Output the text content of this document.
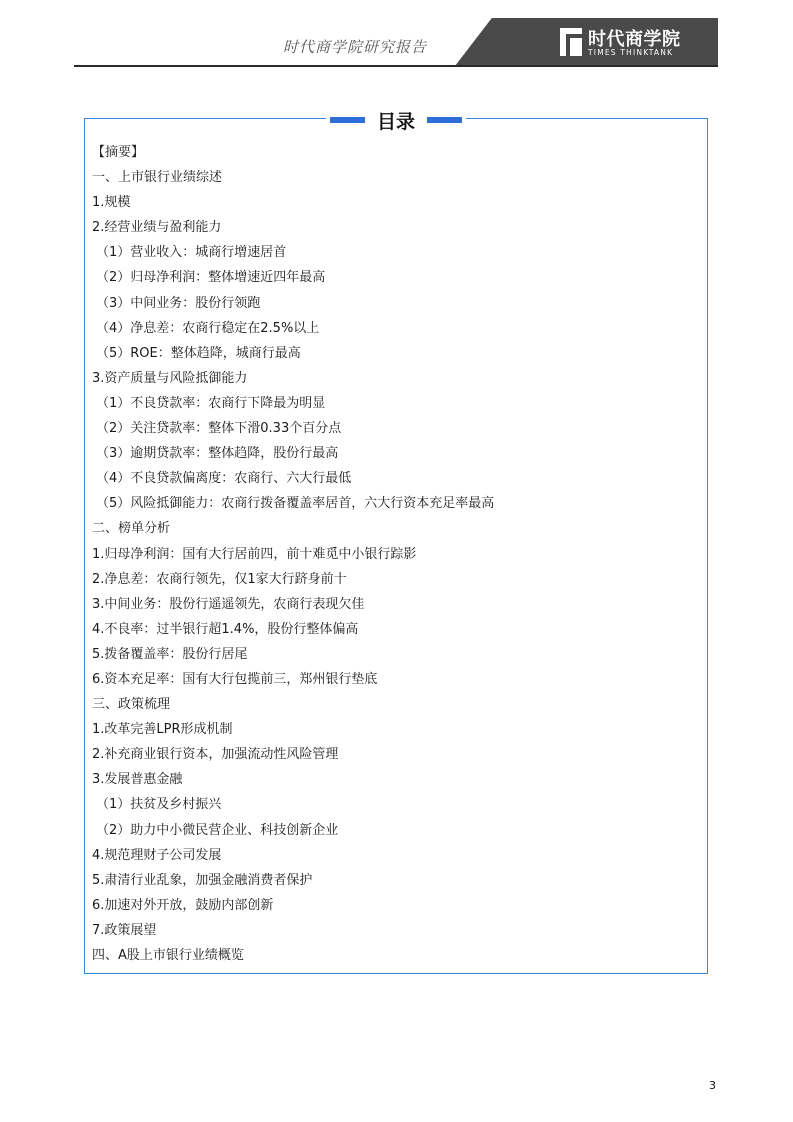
时代商学院研究报告	时代商学院
TIMES THINKTANK
目录
【摘要】
一、上市银行业绩综述
1.规模
2.经营业绩与盈利能力
（1）营业收入：城商行增速居首
（2）归母净利润：整体增速近四年最高
（3）中间业务：股份行领跑
（4）净息差：农商行稳定在2.5%以上
（5）ROE：整体趋降，城商行最高
3.资产质量与风险抵御能力
（1）不良贷款率：农商行下降最为明显
（2）关注贷款率：整体下滑0.33个百分点
（3）逾期贷款率：整体趋降，股份行最高
（4）不良贷款偏离度：农商行、六大行最低
（5）风险抵御能力：农商行拨备覆盖率居首，六大行资本充足率最高
二、榜单分析
1.归母净利润：国有大行居前四，前十难觅中小银行踪影
2.净息差：农商行领先，仅1家大行跻身前十
3.中间业务：股份行遥遥领先，农商行表现欠佳
4.不良率：过半银行超1.4%，股份行整体偏高
5.拨备覆盖率：股份行居尾
6.资本充足率：国有大行包揽前三，郑州银行垫底
三、政策梳理
1.改革完善LPR形成机制
2.补充商业银行资本，加强流动性风险管理
3.发展普惠金融
（1）扶贫及乡村振兴
（2）助力中小微民营企业、科技创新企业
4.规范理财子公司发展
5.肃清行业乱象，加强金融消费者保护
6.加速对外开放，鼓励内部创新
7.政策展望
四、A股上市银行业绩概览
3
